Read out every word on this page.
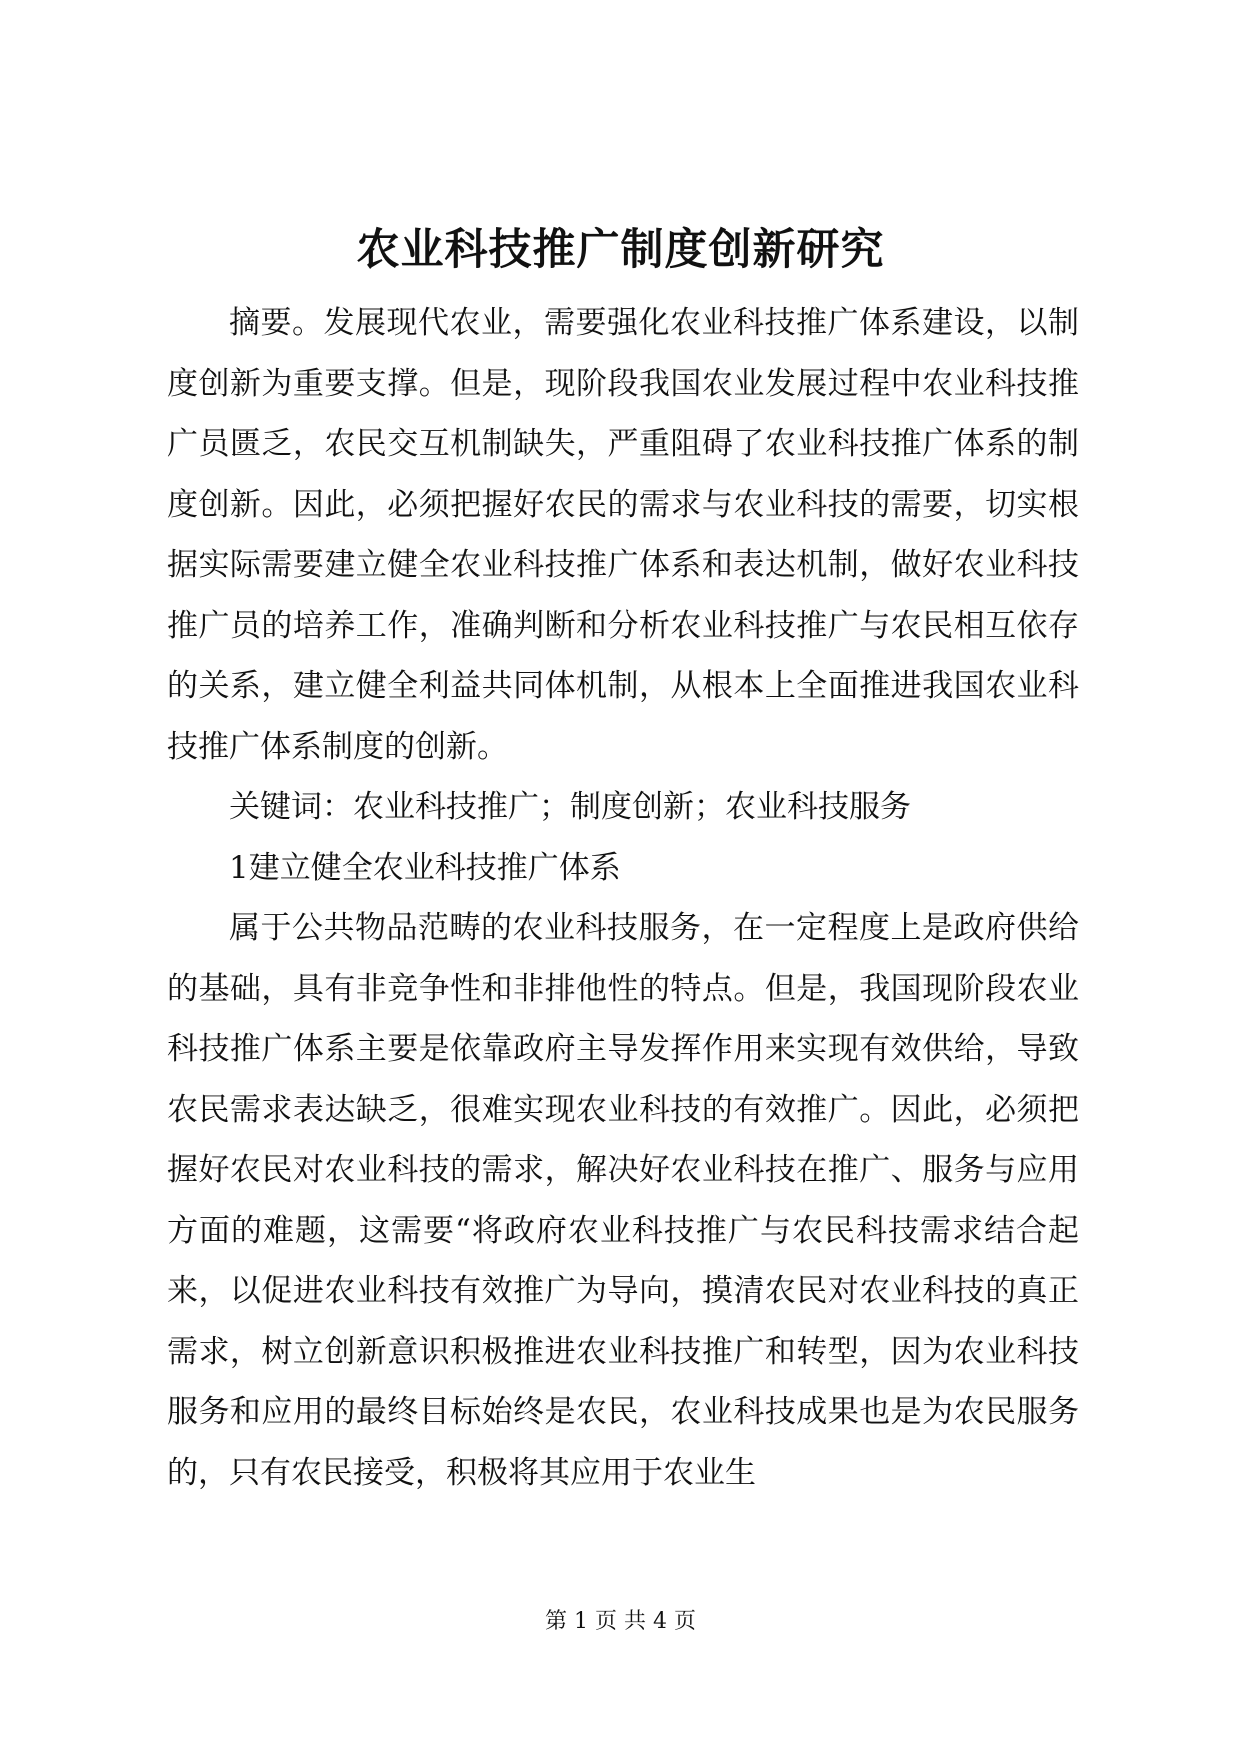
农业科技推广制度创新研究

摘要。发展现代农业，需要强化农业科技推广体系建设，以制度创新为重要支撑。但是，现阶段我国农业发展过程中农业科技推广员匮乏，农民交互机制缺失，严重阻碍了农业科技推广体系的制度创新。因此，必须把握好农民的需求与农业科技的需要，切实根据实际需要建立健全农业科技推广体系和表达机制，做好农业科技推广员的培养工作，准确判断和分析农业科技推广与农民相互依存的关系，建立健全利益共同体机制，从根本上全面推进我国农业科技推广体系制度的创新。

关键词：农业科技推广；制度创新；农业科技服务

1建立健全农业科技推广体系

属于公共物品范畴的农业科技服务，在一定程度上是政府供给的基础，具有非竞争性和非排他性的特点。但是，我国现阶段农业科技推广体系主要是依靠政府主导发挥作用来实现有效供给，导致农民需求表达缺乏，很难实现农业科技的有效推广。因此，必须把握好农民对农业科技的需求，解决好农业科技在推广、服务与应用方面的难题，这需要“将政府农业科技推广与农民科技需求结合起来，以促进农业科技有效推广为导向，摸清农民对农业科技的真正需求，树立创新意识积极推进农业科技推广和转型，因为农业科技服务和应用的最终目标始终是农民，农业科技成果也是为农民服务的，只有农民接受，积极将其应用于农业生

第 1 页 共 4 页
